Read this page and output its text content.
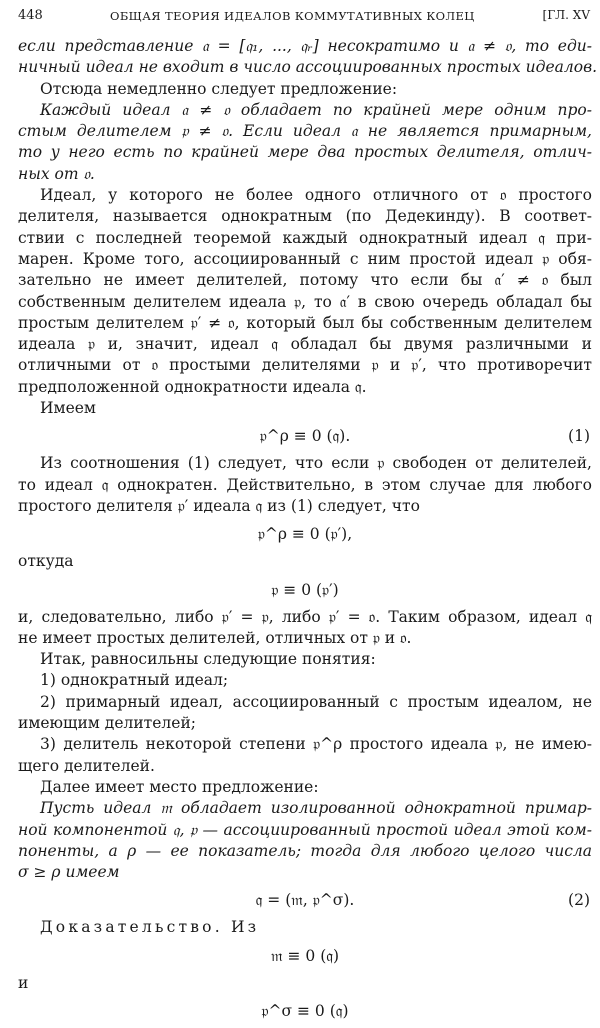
448	ОБЩАЯ ТЕОРИЯ ИДЕАЛОВ КОММУТАТИВНЫХ КОЛЕЦ	[ГЛ. XV
если представление 𝔞 = [𝔮₁, ..., 𝔮ᵣ] несократимо и 𝔞 ≠ 𝔬, то еди-
ничный идеал не входит в число ассоциированных простых идеалов.
Отсюда немедленно следует предложение:
Каждый идеал 𝔞 ≠ 𝔬 обладает по крайней мере одним про-
стым делителем 𝔭 ≠ 𝔬. Если идеал 𝔞 не является примарным,
то у него есть по крайней мере два простых делителя, отлич-
ных от 𝔬.
Идеал, у которого не более одного отличного от 𝔬 простого
делителя, называется однократным (по Дедекинду). В соответ-
ствии с последней теоремой каждый однократный идеал 𝔮 при-
марен. Кроме того, ассоциированный с ним простой идеал 𝔭 обя-
зательно не имеет делителей, потому что если бы 𝔞′ ≠ 𝔬 был
собственным делителем идеала 𝔭, то 𝔞′ в свою очередь обладал бы
простым делителем 𝔭′ ≠ 𝔬, который был бы собственным делителем
идеала 𝔭 и, значит, идеал 𝔮 обладал бы двумя различными и
отличными от 𝔬 простыми делителями 𝔭 и 𝔭′, что противоречит
предположенной однократности идеала 𝔮.
Имеем
𝔭^ρ ≡ 0 (𝔮).	(1)
Из соотношения (1) следует, что если 𝔭 свободен от делителей,
то идеал 𝔮 однократен. Действительно, в этом случае для любого
простого делителя 𝔭′ идеала 𝔮 из (1) следует, что
𝔭^ρ ≡ 0 (𝔭′),
откуда
𝔭 ≡ 0 (𝔭′)
и, следовательно, либо 𝔭′ = 𝔭, либо 𝔭′ = 𝔬. Таким образом, идеал 𝔮
не имеет простых делителей, отличных от 𝔭 и 𝔬.
Итак, равносильны следующие понятия:
1) однократный идеал;
2) примарный идеал, ассоциированный с простым идеалом, не
имеющим делителей;
3) делитель некоторой степени 𝔭^ρ простого идеала 𝔭, не имею-
щего делителей.
Далее имеет место предложение:
Пусть идеал 𝔪 обладает изолированной однократной примар-
ной компонентой 𝔮, 𝔭 — ассоциированный простой идеал этой ком-
поненты, а ρ — ее показатель; тогда для любого целого числа
σ ≥ ρ имеем
𝔮 = (𝔪, 𝔭^σ).	(2)
Доказательство. Из
𝔪 ≡ 0 (𝔮)
и
𝔭^σ ≡ 0 (𝔮)
